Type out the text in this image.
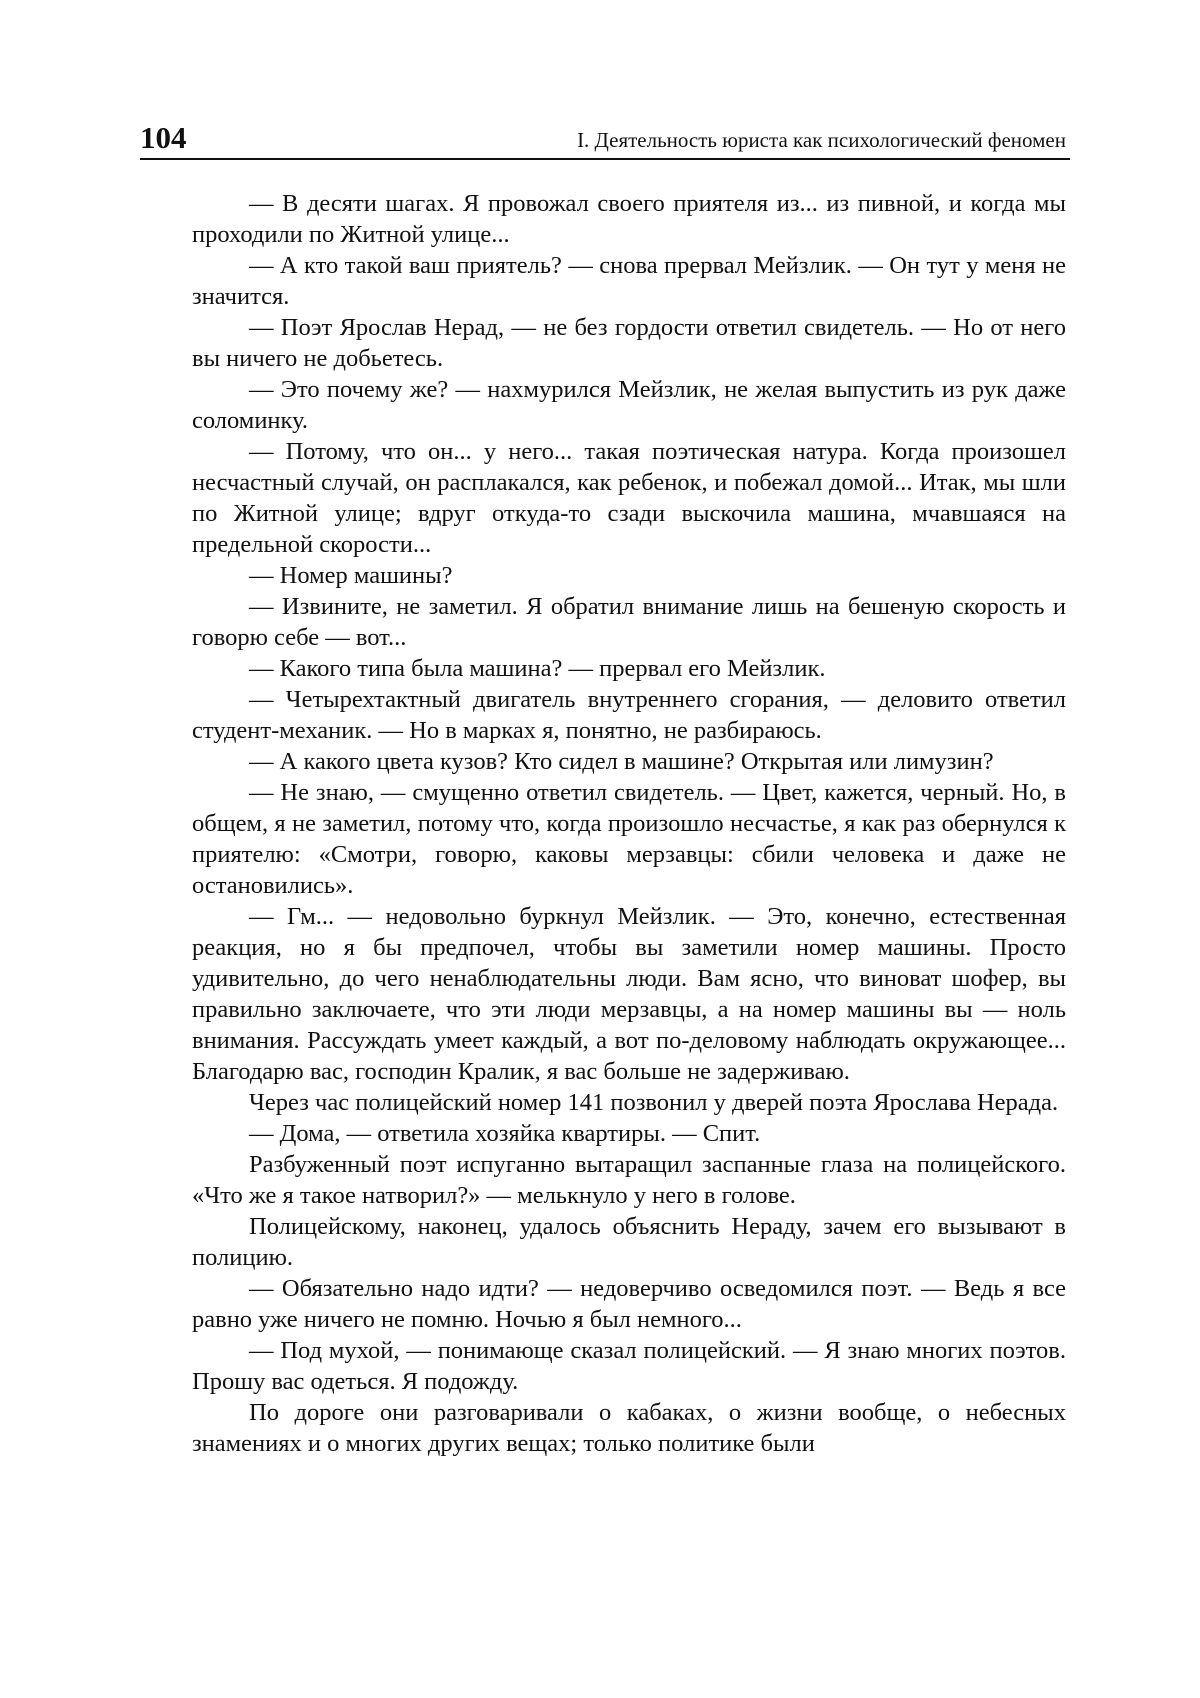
104	I. Деятельность юриста как психологический феномен

— В десяти шагах. Я провожал своего приятеля из... из пивной, и когда мы проходили по Житной улице...

— А кто такой ваш приятель? — снова прервал Мейзлик. — Он тут у меня не значится.

— Поэт Ярослав Нерад, — не без гордости ответил свидетель. — Но от него вы ничего не добьетесь.

— Это почему же? — нахмурился Мейзлик, не желая выпустить из рук даже соломинку.

— Потому, что он... у него... такая поэтическая натура. Когда произошел несчастный случай, он расплакался, как ребенок, и побежал домой... Итак, мы шли по Житной улице; вдруг откуда-то сзади выскочила машина, мчавшаяся на предельной скорости...

— Номер машины?

— Извините, не заметил. Я обратил внимание лишь на бешеную скорость и говорю себе — вот...

— Какого типа была машина? — прервал его Мейзлик.

— Четырехтактный двигатель внутреннего сгорания, — деловито ответил студент-механик. — Но в марках я, понятно, не разбираюсь.

— А какого цвета кузов? Кто сидел в машине? Открытая или лимузин?

— Не знаю, — смущенно ответил свидетель. — Цвет, кажется, черный. Но, в общем, я не заметил, потому что, когда произошло несчастье, я как раз обернулся к приятелю: «Смотри, говорю, каковы мерзавцы: сбили человека и даже не остановились».

— Гм... — недовольно буркнул Мейзлик. — Это, конечно, естественная реакция, но я бы предпочел, чтобы вы заметили номер машины. Просто удивительно, до чего ненаблюдательны люди. Вам ясно, что виноват шофер, вы правильно заключаете, что эти люди мерзавцы, а на номер машины вы — ноль внимания. Рассуждать умеет каждый, а вот по-деловому наблюдать окружающее... Благодарю вас, господин Кралик, я вас больше не задерживаю.

Через час полицейский номер 141 позвонил у дверей поэта Ярослава Нерада.

— Дома, — ответила хозяйка квартиры. — Спит.

Разбуженный поэт испуганно вытаращил заспанные глаза на полицейского. «Что же я такое натворил?» — мелькнуло у него в голове.

Полицейскому, наконец, удалось объяснить Нераду, зачем его вызывают в полицию.

— Обязательно надо идти? — недоверчиво осведомился поэт. — Ведь я все равно уже ничего не помню. Ночью я был немного...

— Под мухой, — понимающе сказал полицейский. — Я знаю многих поэтов. Прошу вас одеться. Я подожду.

По дороге они разговаривали о кабаках, о жизни вообще, о небесных знамениях и о многих других вещах; только политике были
